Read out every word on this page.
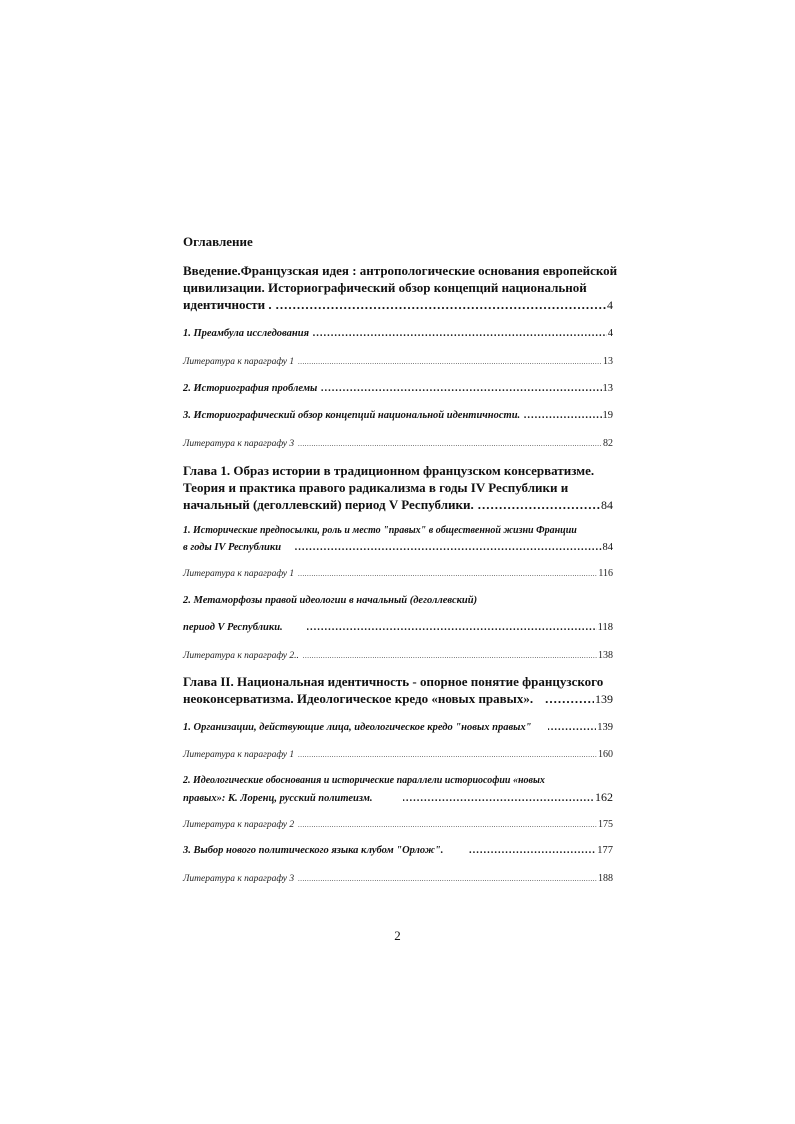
Оглавление
Введение.Французская идея : антропологические основания европейской
цивилизации. Историографический обзор концепций национальной
идентичности . .....	4
1. Преамбула исследования .....	4
Литература к параграфу 1 .....	13
2. Историография проблемы .....	13
3. Историографический обзор концепций национальной идентичности. .....	19
Литература к параграфу 3 .....	82
Глава 1. Образ истории в традиционном французском консерватизме.
Теория и практика правого радикализма в годы IV Республики и
начальный (деголлевский) период V Республики. .....	84
1. Исторические предпосылки, роль и место "правых" в общественной жизни Франции
в годы IV Республики .....	84
Литература к параграфу 1 .....	116
2. Метаморфозы правой идеологии в начальный (деголлевский)
период V Республики. .....	118
Литература к параграфу 2.. .....	138
Глава II. Национальная идентичность - опорное понятие французского
неоконсерватизма. Идеологическое кредо «новых правых». .....	139
1. Организации, действующие лица, идеологическое кредо "новых правых" .....	139
Литература к параграфу 1 .....	160
2. Идеологические обоснования и исторические параллели историософии «новых
правых»: К. Лоренц, русский политеизм. .....	162
Литература к параграфу 2 .....	175
3. Выбор нового политического языка клубом "Орлож". .....	177
Литература к параграфу 3 .....	188
2
